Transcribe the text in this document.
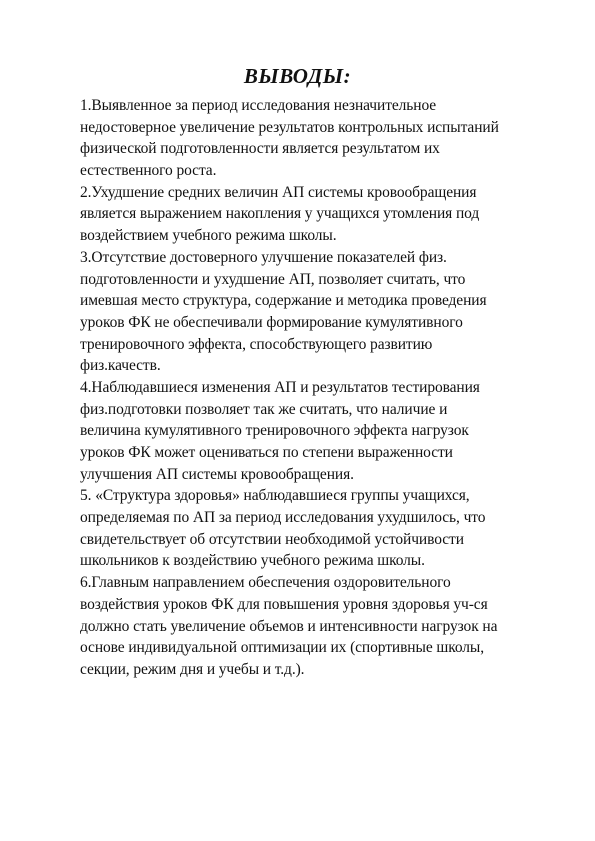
ВЫВОДЫ:
1.Выявленное за период исследования незначительное
недостоверное увеличение результатов контрольных испытаний
физической подготовленности является результатом их
естественного роста.
2.Ухудшение средних величин АП системы кровообращения
является выражением накопления у учащихся утомления под
воздействием учебного режима школы.
3.Отсутствие достоверного улучшение показателей физ.
подготовленности и ухудшение АП, позволяет считать, что
имевшая место структура, содержание и методика проведения
уроков ФК не обеспечивали формирование кумулятивного
тренировочного эффекта, способствующего развитию
физ.качеств.
4.Наблюдавшиеся изменения АП и результатов тестирования
физ.подготовки позволяет так же считать, что наличие и
величина кумулятивного тренировочного эффекта нагрузок
уроков ФК может оцениваться по степени выраженности
улучшения АП системы кровообращения.
5. «Структура здоровья» наблюдавшиеся группы учащихся,
определяемая по АП за период исследования ухудшилось, что
свидетельствует об отсутствии необходимой устойчивости
школьников к воздействию учебного режима школы.
6.Главным направлением обеспечения оздоровительного
воздействия уроков ФК для повышения уровня здоровья уч-ся
должно стать увеличение объемов и интенсивности нагрузок на
основе индивидуальной оптимизации их (спортивные школы,
секции, режим дня и учебы и т.д.).
